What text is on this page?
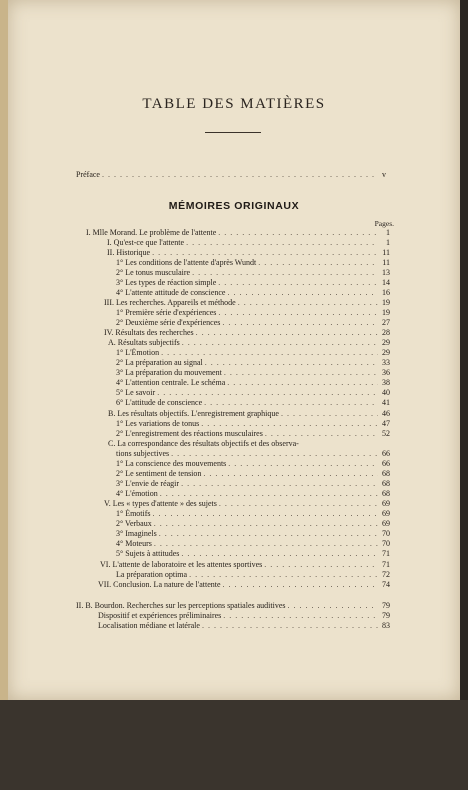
TABLE DES MATIÈRES
Préface . . .	v
MÉMOIRES ORIGINAUX
Pages.
I. Mlle Morand. Le problème de l'attente . . .	1
I. Qu'est-ce que l'attente . . .	1
II. Historique . . .	11
1° Les conditions de l'attente d'après Wundt . . .	11
2° Le tonus musculaire . . .	13
3° Les types de réaction simple . . .	14
4° L'attente attitude de conscience . . .	16
III. Les recherches. Appareils et méthode . . .	19
1° Première série d'expériences . . .	19
2° Deuxième série d'expériences . . .	27
IV. Résultats des recherches . . .	28
A. Résultats subjectifs . . .	29
1° L'Émotion . . .	29
2° La préparation au signal . . .	33
3° La préparation du mouvement . . .	36
4° L'attention centrale. Le schéma . . .	38
5° Le savoir . . .	40
6° L'attitude de conscience . . .	41
B. Les résultats objectifs. L'enregistrement graphique . . .	46
1° Les variations de tonus . . .	47
2° L'enregistrement des réactions musculaires . . .	52
C. La correspondance des résultats objectifs et des observa-
tions subjectives . . .	66
1° La conscience des mouvements . . .	66
2° Le sentiment de tension . . .	68
3° L'envie de réagir . . .	68
4° L'émotion . . .	68
V. Les « types d'attente » des sujets . . .	69
1° Émotifs . . .	69
2° Verbaux . . .	69
3° Imaginels . . .	70
4° Moteurs . . .	70
5° Sujets à attitudes . . .	71
VI. L'attente de laboratoire et les attentes sportives . . .	71
La préparation optima . . .	72
VII. Conclusion. La nature de l'attente . . .	74
II. B. Bourdon. Recherches sur les perceptions spatiales auditives . . .	79
Dispositif et expériences préliminaires . . .	79
Localisation médiane et latérale . . .	83
